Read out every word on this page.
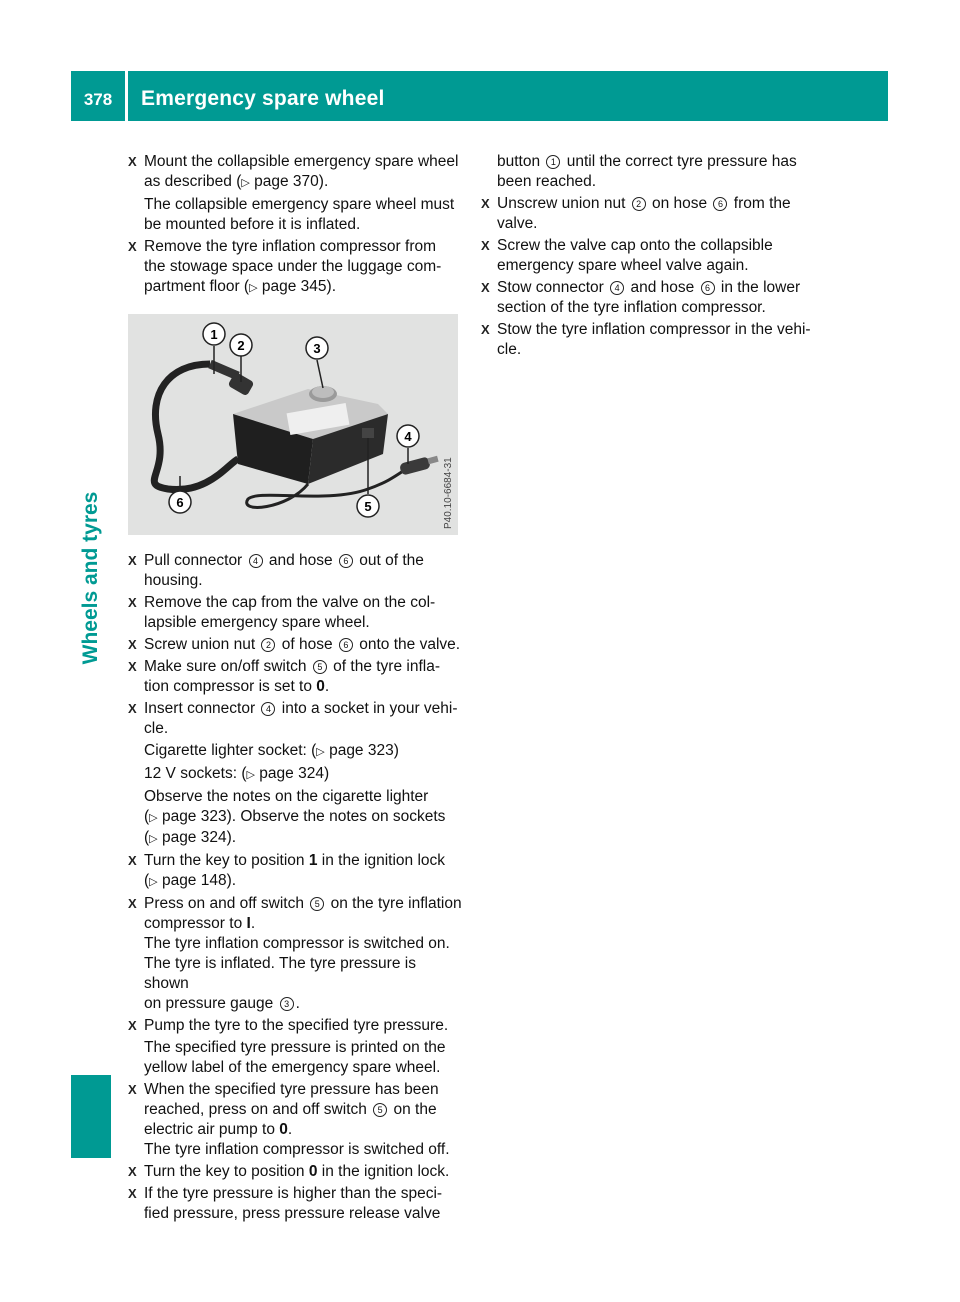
378	Emergency spare wheel
Wheels and tyres
X Mount the collapsible emergency spare wheel
as described (▷ page 370).
The collapsible emergency spare wheel must
be mounted before it is inflated.
X Remove the tyre inflation compressor from
the stowage space under the luggage com-
partment floor (▷ page 345).
1
2	3
4
5
6	P40.10-6684-31
X Pull connector 4 and hose 6 out of the
housing.
X Remove the cap from the valve on the col-
lapsible emergency spare wheel.
X Screw union nut 2 of hose 6 onto the valve.
X Make sure on/off switch 5 of the tyre infla-
tion compressor is set to 0.
X Insert connector 4 into a socket in your vehi-
cle.
Cigarette lighter socket: (▷ page 323)
12 V sockets: (▷ page 324)
Observe the notes on the cigarette lighter
(▷ page 323). Observe the notes on sockets
(▷ page 324).
X Turn the key to position 1 in the ignition lock
(▷ page 148).
X Press on and off switch 5 on the tyre inflation
compressor to I.
The tyre inflation compressor is switched on.
The tyre is inflated. The tyre pressure is shown
on pressure gauge 3 .
X Pump the tyre to the specified tyre pressure.
The specified tyre pressure is printed on the
yellow label of the emergency spare wheel.
X When the specified tyre pressure has been
reached, press on and off switch 5 on the
electric air pump to 0.
The tyre inflation compressor is switched off.
X Turn the key to position 0 in the ignition lock.
X If the tyre pressure is higher than the speci-
fied pressure, press pressure release valve
button 1 until the correct tyre pressure has
been reached.
X Unscrew union nut 2 on hose 6 from the
valve.
X Screw the valve cap onto the collapsible
emergency spare wheel valve again.
X Stow connector 4 and hose 6 in the lower
section of the tyre inflation compressor.
X Stow the tyre inflation compressor in the vehi-
cle.
